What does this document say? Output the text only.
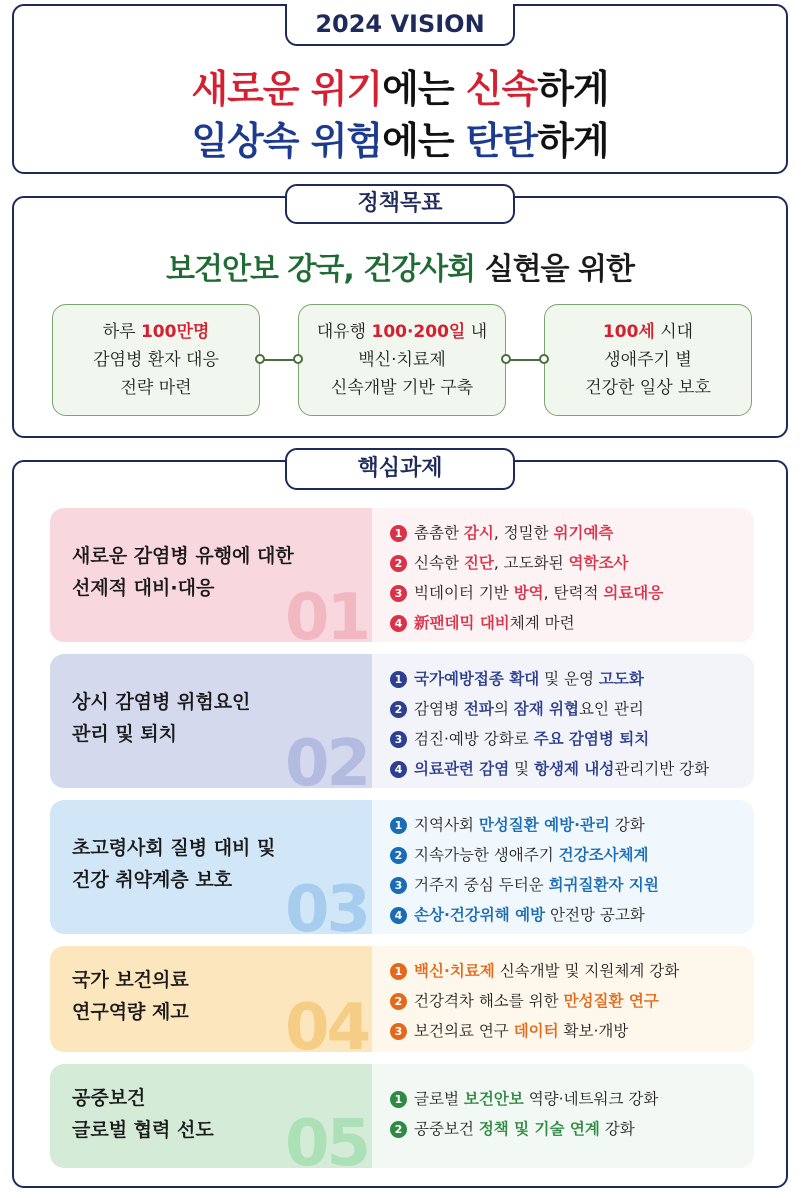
2024 VISION
새로운 위기에는 신속하게
일상속 위험에는 탄탄하게
정책목표
보건안보 강국, 건강사회 실현을 위한
하루 100만명
감염병 환자 대응
전략 마련
대유행 100·200일 내
백신·치료제
신속개발 기반 구축
100세 시대
생애주기 별
건강한 일상 보호
핵심과제
새로운 감염병 유행에 대한
선제적 대비·대응 01
1 촘촘한 감시, 정밀한 위기예측
2 신속한 진단, 고도화된 역학조사
3 빅데이터 기반 방역, 탄력적 의료대응
4 新팬데믹 대비체계 마련
상시 감염병 위험요인
관리 및 퇴치 02
1 국가예방접종 확대 및 운영 고도화
2 감염병 전파의 잠재 위협요인 관리
3 검진·예방 강화로 주요 감염병 퇴치
4 의료관련 감염 및 항생제 내성관리기반 강화
초고령사회 질병 대비 및
건강 취약계층 보호 03
1 지역사회 만성질환 예방·관리 강화
2 지속가능한 생애주기 건강조사체계
3 거주지 중심 두터운 희귀질환자 지원
4 손상·건강위해 예방 안전망 공고화
국가 보건의료
연구역량 제고 04
1 백신·치료제 신속개발 및 지원체계 강화
2 건강격차 해소를 위한 만성질환 연구
3 보건의료 연구 데이터 확보·개방
공중보건
글로벌 협력 선도 05
1 글로벌 보건안보 역량·네트워크 강화
2 공중보건 정책 및 기술 연계 강화
